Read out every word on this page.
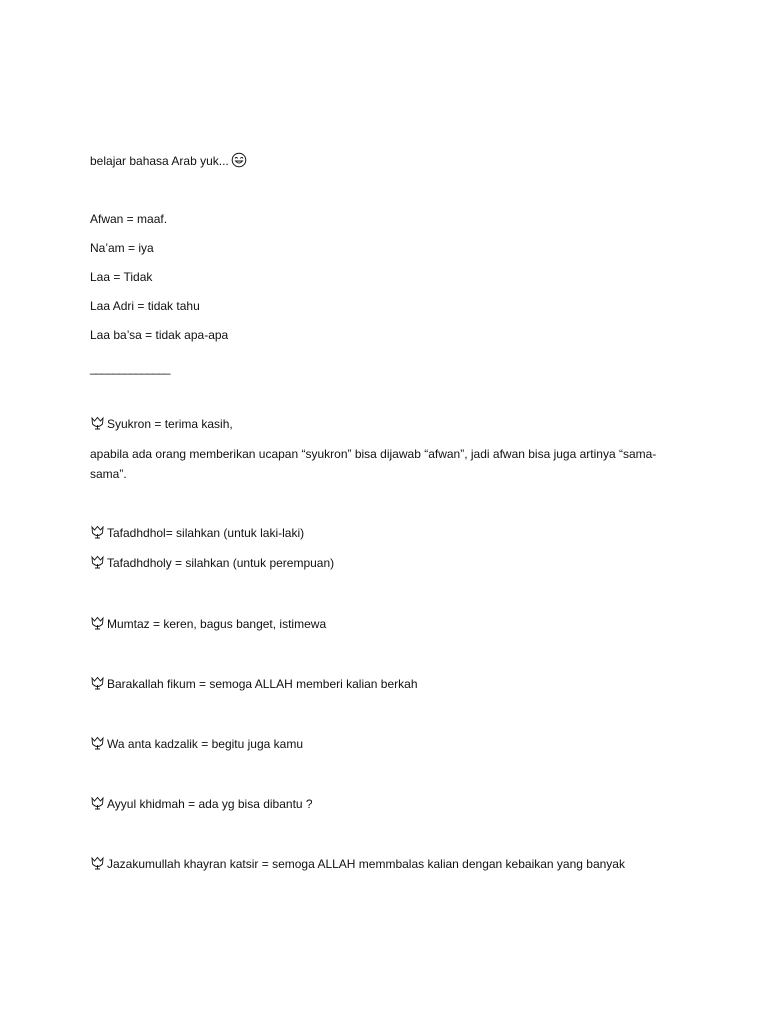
belajar bahasa Arab yuk...
Afwan = maaf.
Na’am = iya
Laa = Tidak
Laa Adri = tidak tahu
Laa ba’sa = tidak apa-apa
______________
Syukron = terima kasih,
apabila ada orang memberikan ucapan “syukron” bisa dijawab “afwan”, jadi afwan bisa juga artinya “sama-sama”.
Tafadhdhol= silahkan (untuk laki-laki)
Tafadhdholy = silahkan (untuk perempuan)
Mumtaz = keren, bagus banget, istimewa
Barakallah fikum = semoga ALLAH memberi kalian berkah
Wa anta kadzalik = begitu juga kamu
Ayyul khidmah = ada yg bisa dibantu ?
Jazakumullah khayran katsir = semoga ALLAH memmbalas kalian dengan kebaikan yang banyak
